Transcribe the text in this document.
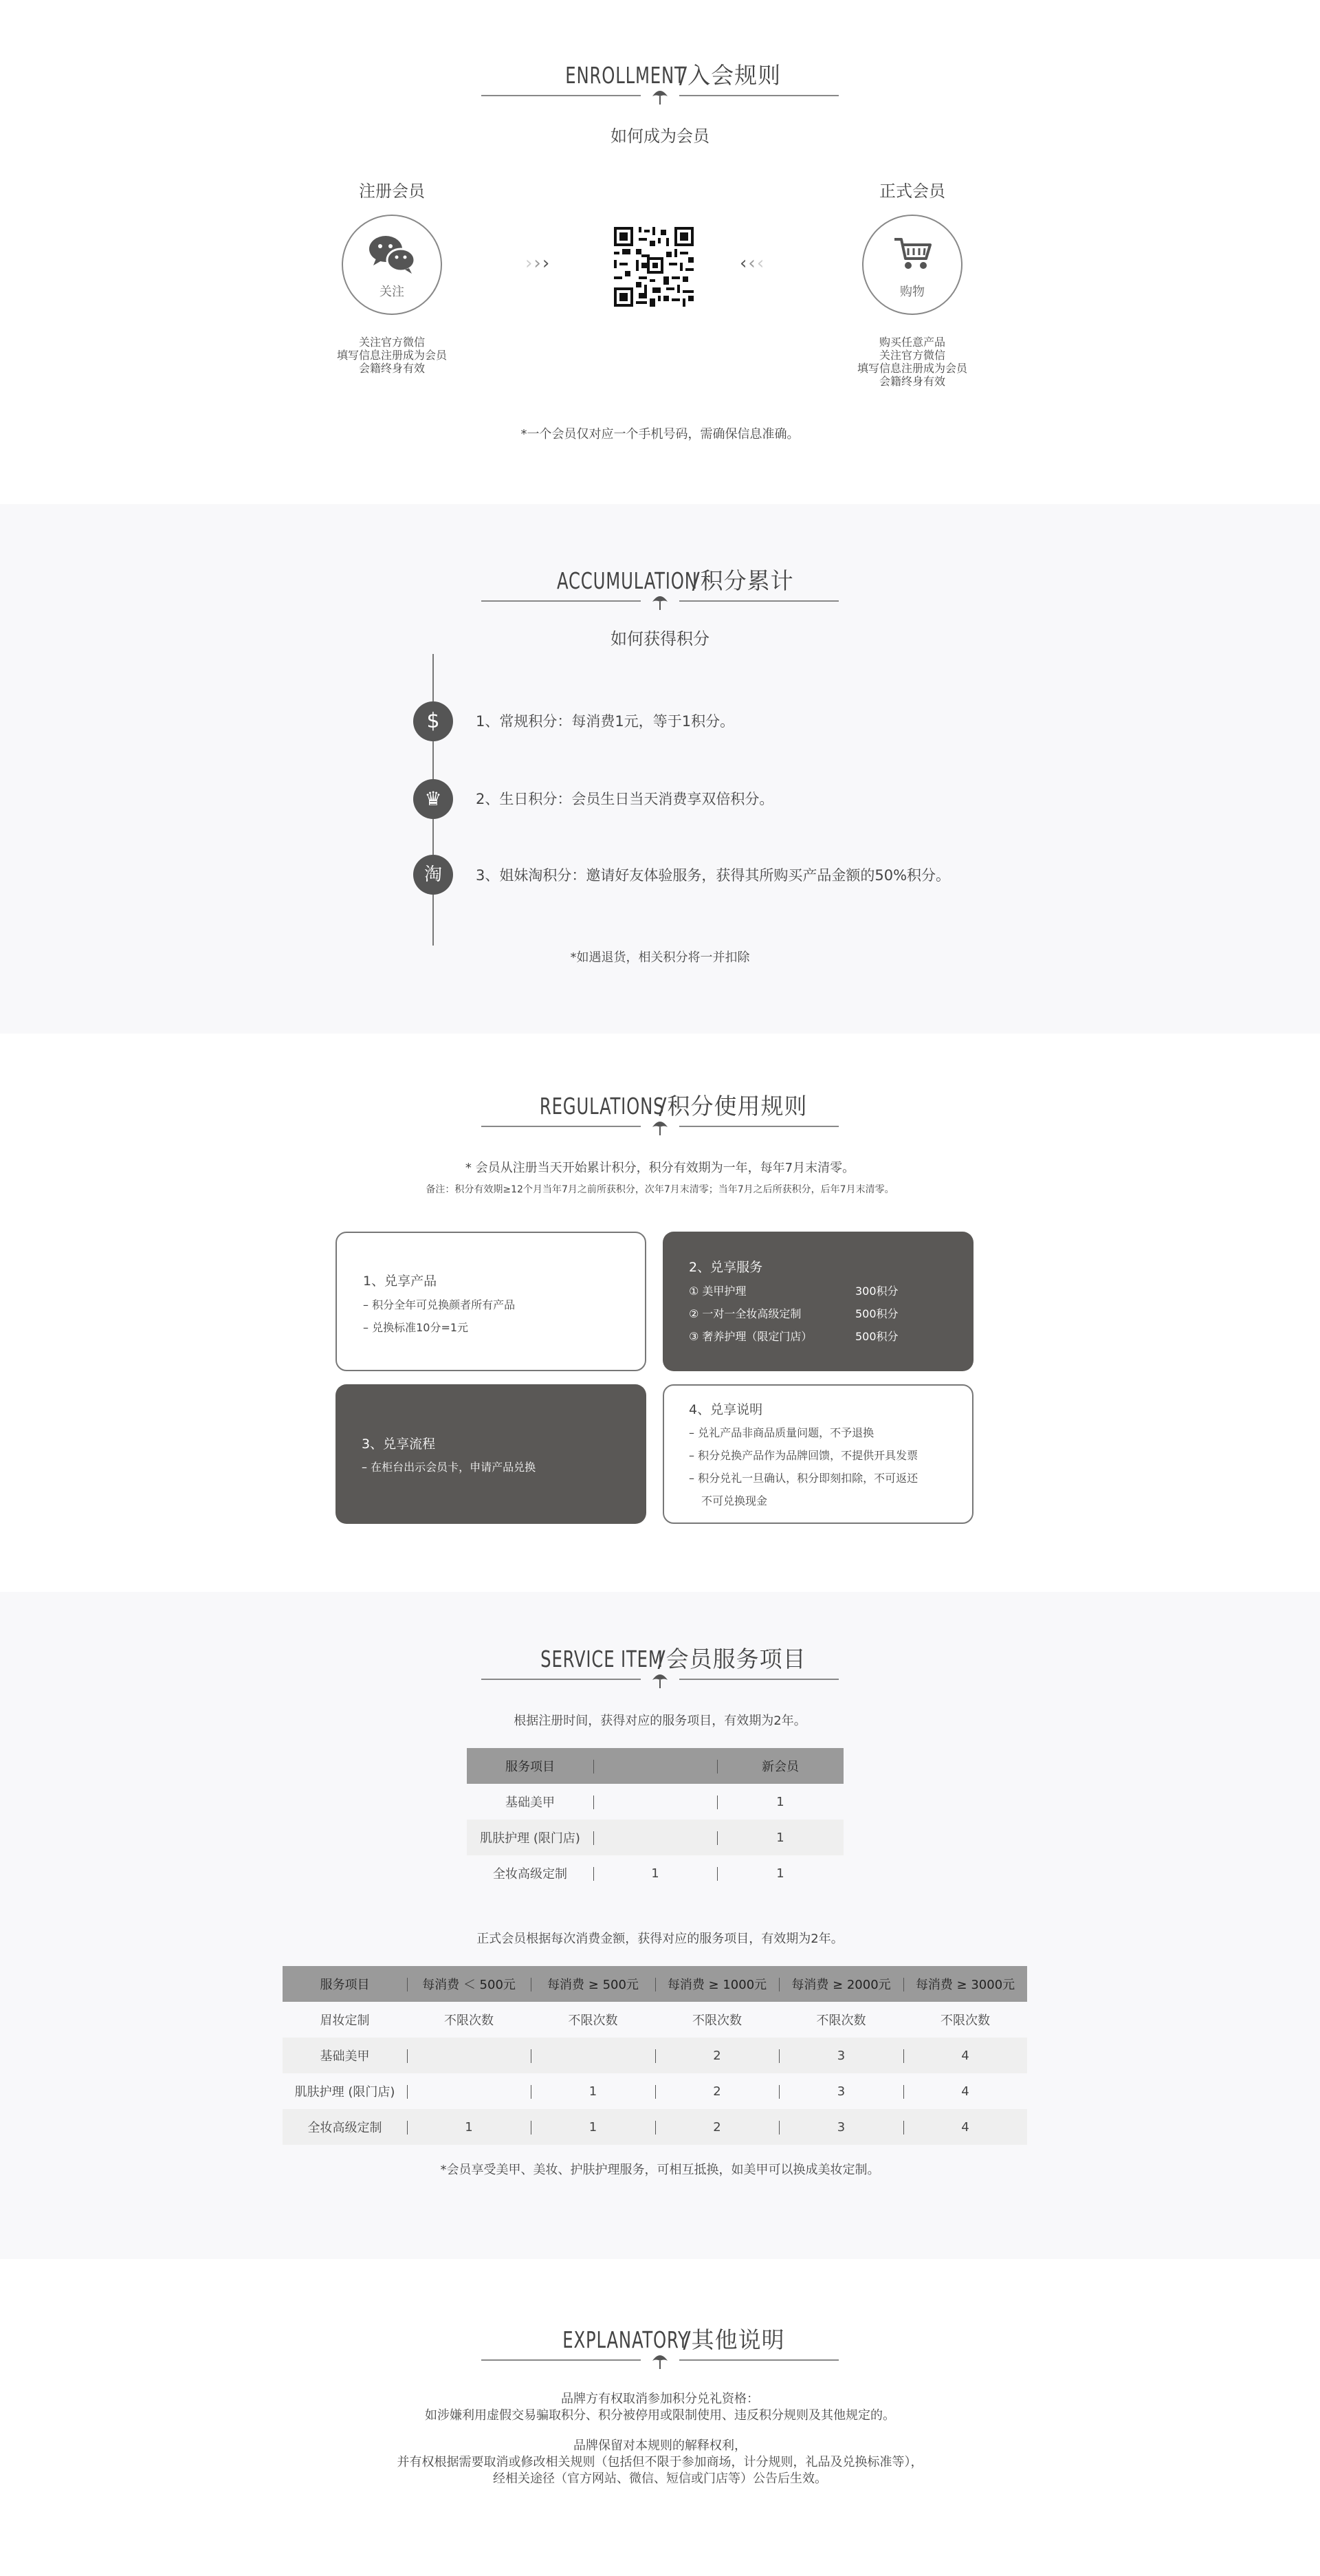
ENROLLMENT /入会规则
如何成为会员
注册会员
关注
关注官方微信
填写信息注册成为会员
会籍终身有效
›››	‹‹‹
正式会员
购物
购买任意产品
关注官方微信
填写信息注册成为会员
会籍终身有效
*一个会员仅对应一个手机号码，需确保信息准确。
ACCUMULATION /积分累计
如何获得积分
$	1、常规积分：每消费1元，等于1积分。
♛	2、生日积分：会员生日当天消费享双倍积分。
淘	3、姐妹淘积分：邀请好友体验服务，获得其所购买产品金额的50%积分。
*如遇退货，相关积分将一并扣除
REGULATIONS /积分使用规则
* 会员从注册当天开始累计积分，积分有效期为一年，每年7月末清零。
备注：积分有效期≥12个月当年7月之前所获积分，次年7月末清零；当年7月之后所获积分，后年7月末清零。
1、兑享产品
– 积分全年可兑换颜者所有产品
– 兑换标准10分=1元
2、兑享服务
① 美甲护理	300积分
② 一对一全妆高级定制	500积分
③ 奢养护理（限定门店）	500积分
3、兑享流程
– 在柜台出示会员卡，申请产品兑换
4、兑享说明
– 兑礼产品非商品质量问题，不予退换
– 积分兑换产品作为品牌回馈，不提供开具发票
– 积分兑礼一旦确认，积分即刻扣除，不可返还
不可兑换现金
SERVICE ITEM /会员服务项目
根据注册时间，获得对应的服务项目，有效期为2年。
服务项目		新会员
基础美甲		1
肌肤护理 (限门店)		1
全妆高级定制	1	1
正式会员根据每次消费金额，获得对应的服务项目，有效期为2年。
服务项目	每消费 ＜ 500元	每消费 ≥ 500元	每消费 ≥ 1000元	每消费 ≥ 2000元	每消费 ≥ 3000元
眉妆定制	不限次数	不限次数	不限次数	不限次数	不限次数
基础美甲			2	3	4
肌肤护理 (限门店)		1	2	3	4
全妆高级定制	1	1	2	3	4
*会员享受美甲、美妆、护肤护理服务，可相互抵换，如美甲可以换成美妆定制。
EXPLANATORY /其他说明
品牌方有权取消参加积分兑礼资格：
如涉嫌利用虚假交易骗取积分、积分被停用或限制使用、违反积分规则及其他规定的。
品牌保留对本规则的解释权利，
并有权根据需要取消或修改相关规则（包括但不限于参加商场，计分规则，礼品及兑换标准等），
经相关途径（官方网站、微信、短信或门店等）公告后生效。
